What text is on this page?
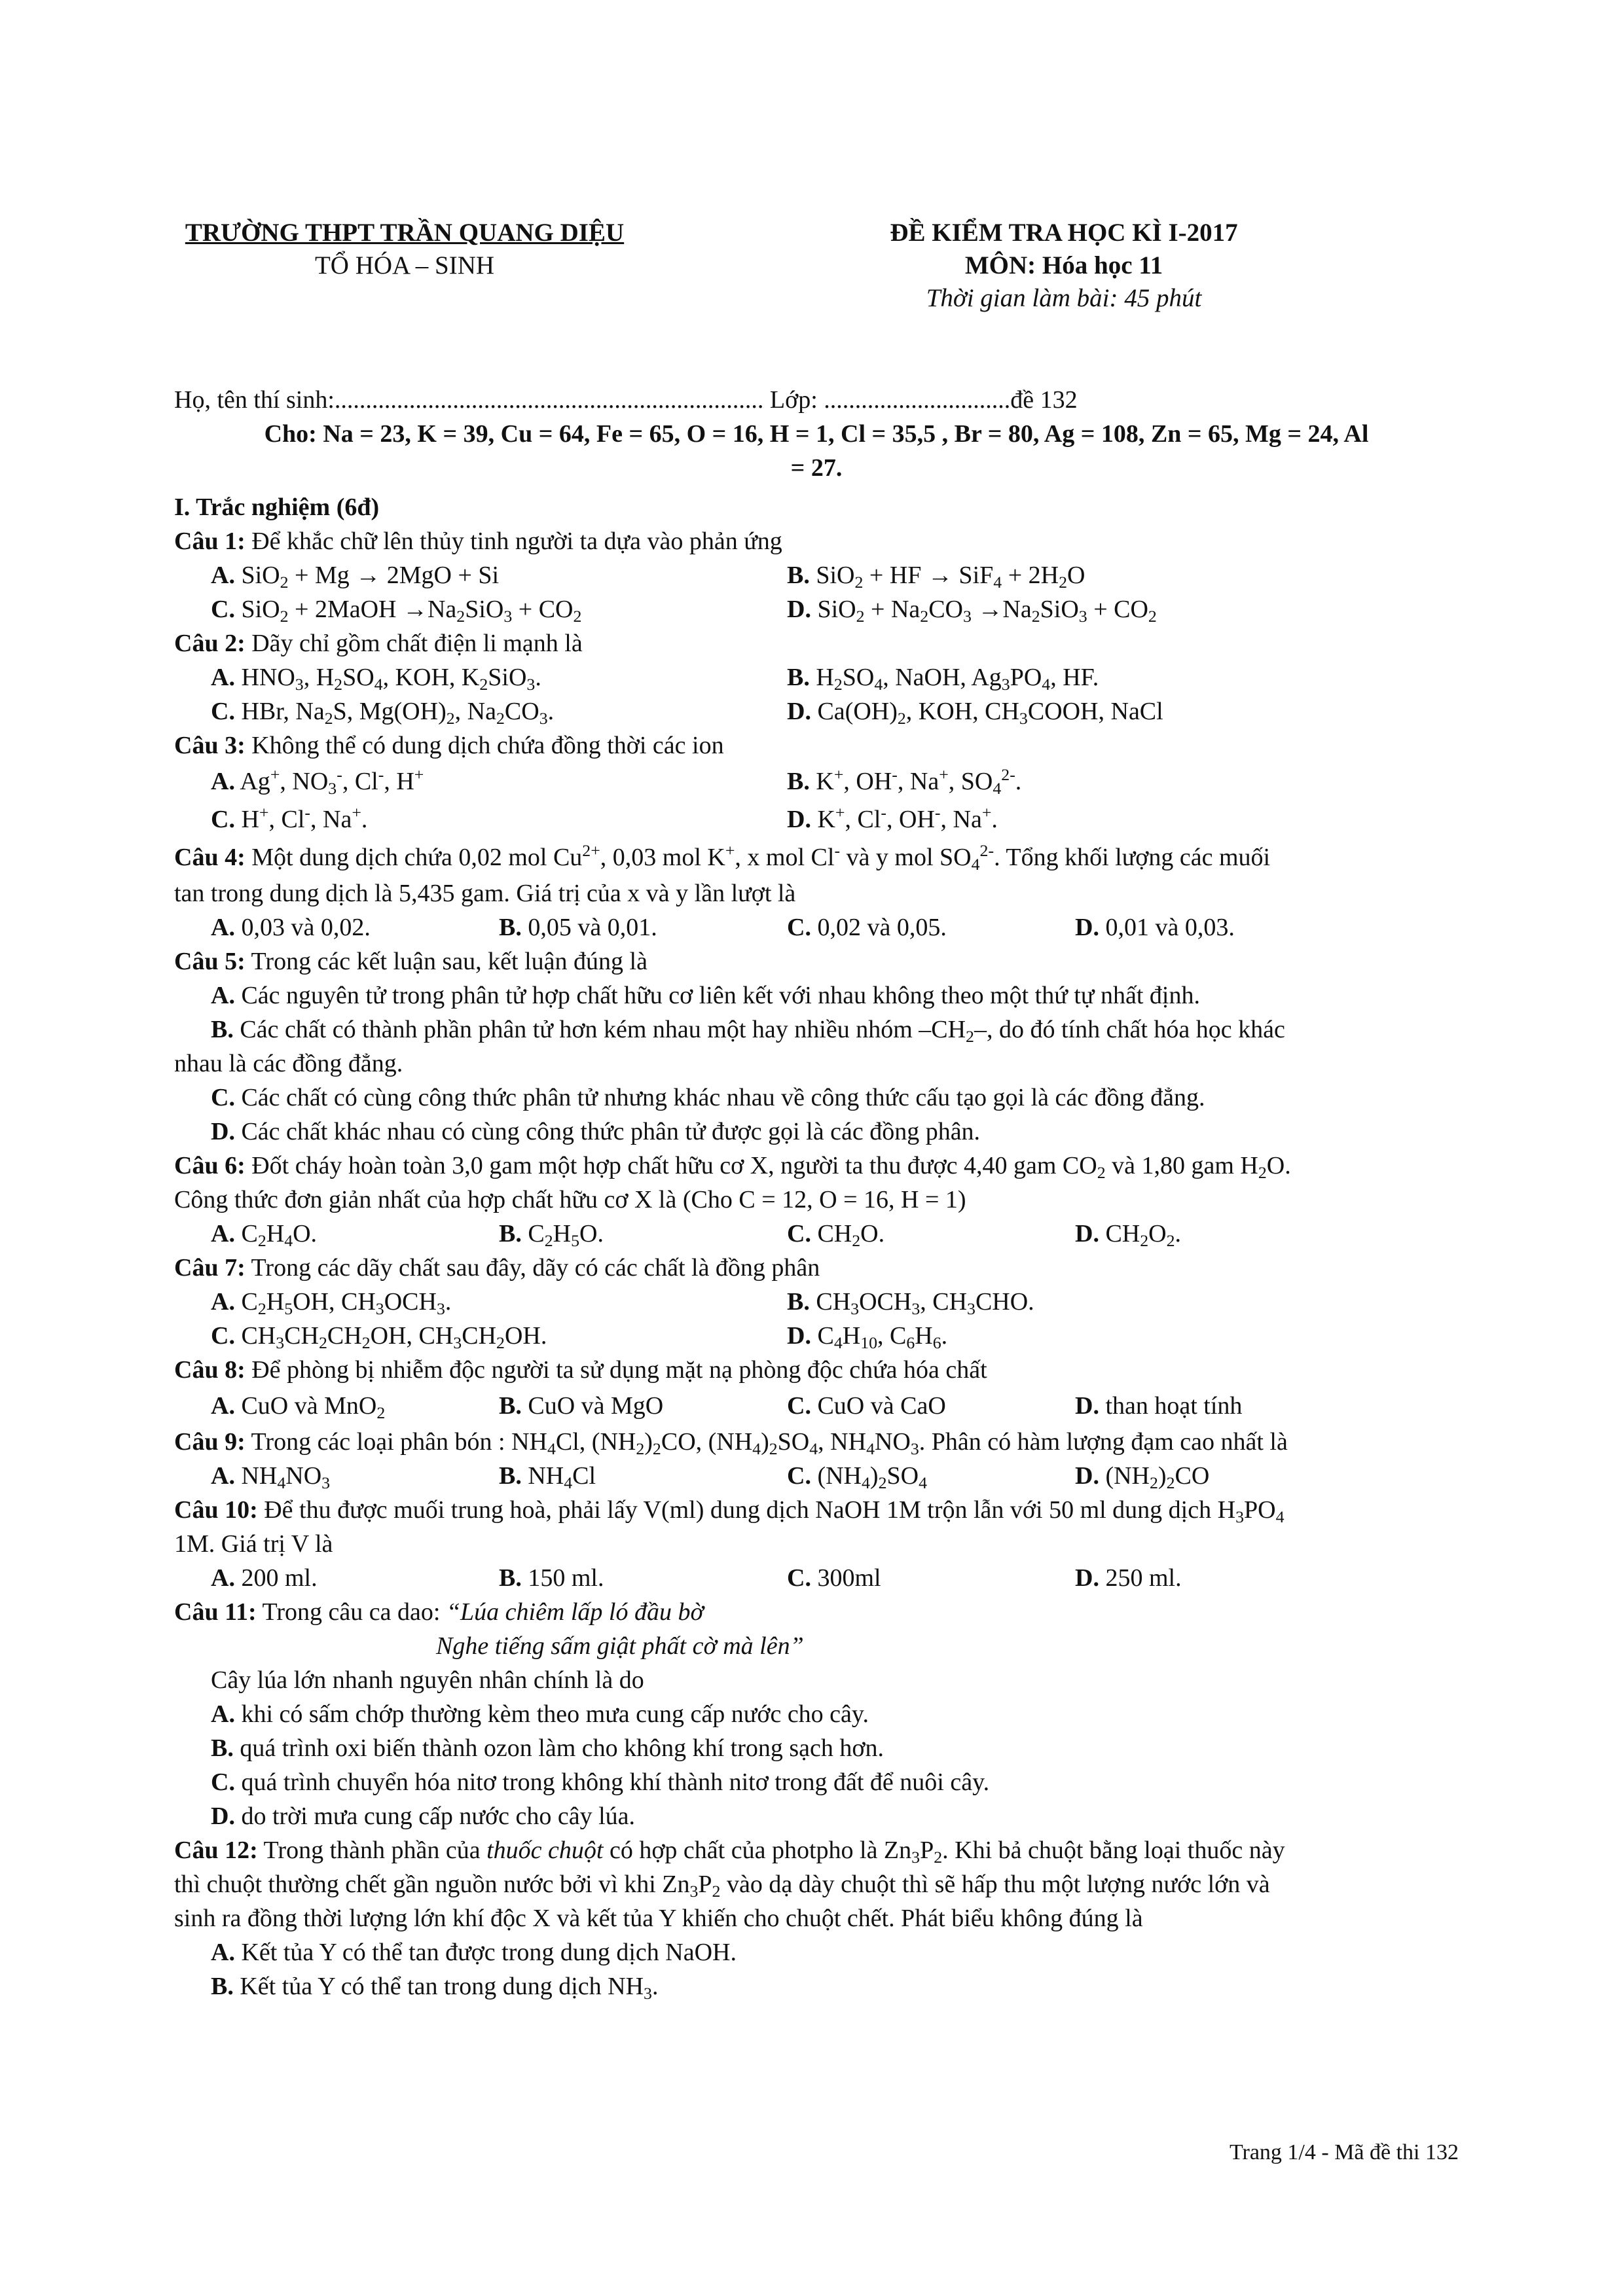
TRƯỜNG THPT TRẦN QUANG DIỆU
TỔ HÓA – SINH
ĐỀ KIỂM TRA HỌC KÌ I-2017
MÔN: Hóa học 11
Thời gian làm bài: 45 phút
Họ, tên thí sinh:..................................................................... Lớp: ..............................đề 132
Cho: Na = 23, K = 39, Cu = 64, Fe = 65, O = 16, H = 1, Cl = 35,5 , Br = 80, Ag = 108, Zn = 65, Mg = 24, Al
= 27.
I. Trắc nghiệm (6đ)
Câu 1: Để khắc chữ lên thủy tinh người ta dựa vào phản ứng
A. SiO$_2$ + Mg → 2MgO + Si	B. SiO$_2$ + HF → $SiF_4 + 2H_2O$
C. SiO$_2$ + 2MaOH $\to Na_2SiO_3 + CO_2$	D. $SiO_2 + Na_2CO_3 \to Na_2SiO_3 + CO_2$
Câu 2: Dãy chỉ gồm chất điện li mạnh là
A. $HNO_3$, $H_2SO_4$, KOH, $K_2SiO_3$.	B. $H_2SO_4$, NaOH, $Ag_3PO_4$, HF.
C. HBr, $Na_2S$, $Mg(OH)_2$, $Na_2CO_3$.	D. $Ca(OH)_2$, KOH, $CH_3COOH$, NaCl
Câu 3: Không thể có dung dịch chứa đồng thời các ion
A. Ag+, $NO_3^-$, Cl-, H+	B. K+, OH-, Na+, $SO_4^{2-}$.
C. H+, Cl-, Na+.	D. K+, Cl-, OH-, Na+.
Câu 4: Một dung dịch chứa 0,02 mol $Cu^{2+}$, 0,03 mol K+, x mol Cl- và y mol $SO_4^{2-}$. Tổng khối lượng các muối
tan trong dung dịch là 5,435 gam. Giá trị của x và y lần lượt là
A. 0,03 và 0,02.	B. 0,05 và 0,01.	C. 0,02 và 0,05.	D. 0,01 và 0,03.
Câu 5: Trong các kết luận sau, kết luận đúng là
A. Các nguyên tử trong phân tử hợp chất hữu cơ liên kết với nhau không theo một thứ tự nhất định.
B. Các chất có thành phần phân tử hơn kém nhau một hay nhiều nhóm $-CH_2-$, do đó tính chất hóa học khác
nhau là các đồng đẳng.
C. Các chất có cùng công thức phân tử nhưng khác nhau về công thức cấu tạo gọi là các đồng đẳng.
D. Các chất khác nhau có cùng công thức phân tử được gọi là các đồng phân.
Câu 6: Đốt cháy hoàn toàn 3,0 gam một hợp chất hữu cơ X, người ta thu được 4,40 gam $CO_2$ và 1,80 gam $H_2O$.
Công thức đơn giản nhất của hợp chất hữu cơ X là (Cho C = 12, O = 16, H = 1)
A. $C_2H_4O$.	B. $C_2H_5O$.	C. $CH_2O$.	D. $CH_2O_2$.
Câu 7: Trong các dãy chất sau đây, dãy có các chất là đồng phân
A. $C_2H_5OH$, $CH_3OCH_3$.	B. $CH_3OCH_3$, $CH_3CHO$.
C. $CH_3CH_2CH_2OH$, $CH_3CH_2OH$.	D. $C_4H_{10}$, $C_6H_6$.
Câu 8: Để phòng bị nhiễm độc người ta sử dụng mặt nạ phòng độc chứa hóa chất
A. CuO và MnO$_2$	B. CuO và MgO	C. CuO và CaO	D. than hoạt tính
Câu 9: Trong các loại phân bón : $NH_4Cl$, $(NH_2)_2CO$, $(NH_4)_2SO_4$, $NH_4NO_3$. Phân có hàm lượng đạm cao nhất là
A. $NH_4NO_3$	B. $NH_4Cl$	C. $(NH_4)_2SO_4$	D. $(NH_2)_2CO$
Câu 10: Để thu được muối trung hoà, phải lấy V(ml) dung dịch NaOH 1M trộn lẫn với 50 ml dung dịch $H_3PO_4$
1M. Giá trị V là
A. 200 ml.	B. 150 ml.	C. 300ml	D. 250 ml.
Câu 11: Trong câu ca dao: “Lúa chiêm lấp ló đầu bờ
Nghe tiếng sấm giật phất cờ mà lên”
Cây lúa lớn nhanh nguyên nhân chính là do
A. khi có sấm chớp thường kèm theo mưa cung cấp nước cho cây.
B. quá trình oxi biến thành ozon làm cho không khí trong sạch hơn.
C. quá trình chuyển hóa nitơ trong không khí thành nitơ trong đất để nuôi cây.
D. do trời mưa cung cấp nước cho cây lúa.
Câu 12: Trong thành phần của thuốc chuột có hợp chất của photpho là $Zn_3P_2$. Khi bả chuột bằng loại thuốc này
thì chuột thường chết gần nguồn nước bởi vì khi $Zn_3P_2$ vào dạ dày chuột thì sẽ hấp thu một lượng nước lớn và
sinh ra đồng thời lượng lớn khí độc X và kết tủa Y khiến cho chuột chết. Phát biểu không đúng là
A. Kết tủa Y có thể tan được trong dung dịch NaOH.
B. Kết tủa Y có thể tan trong dung dịch $NH_3$.
Trang 1/4 - Mã đề thi 132
